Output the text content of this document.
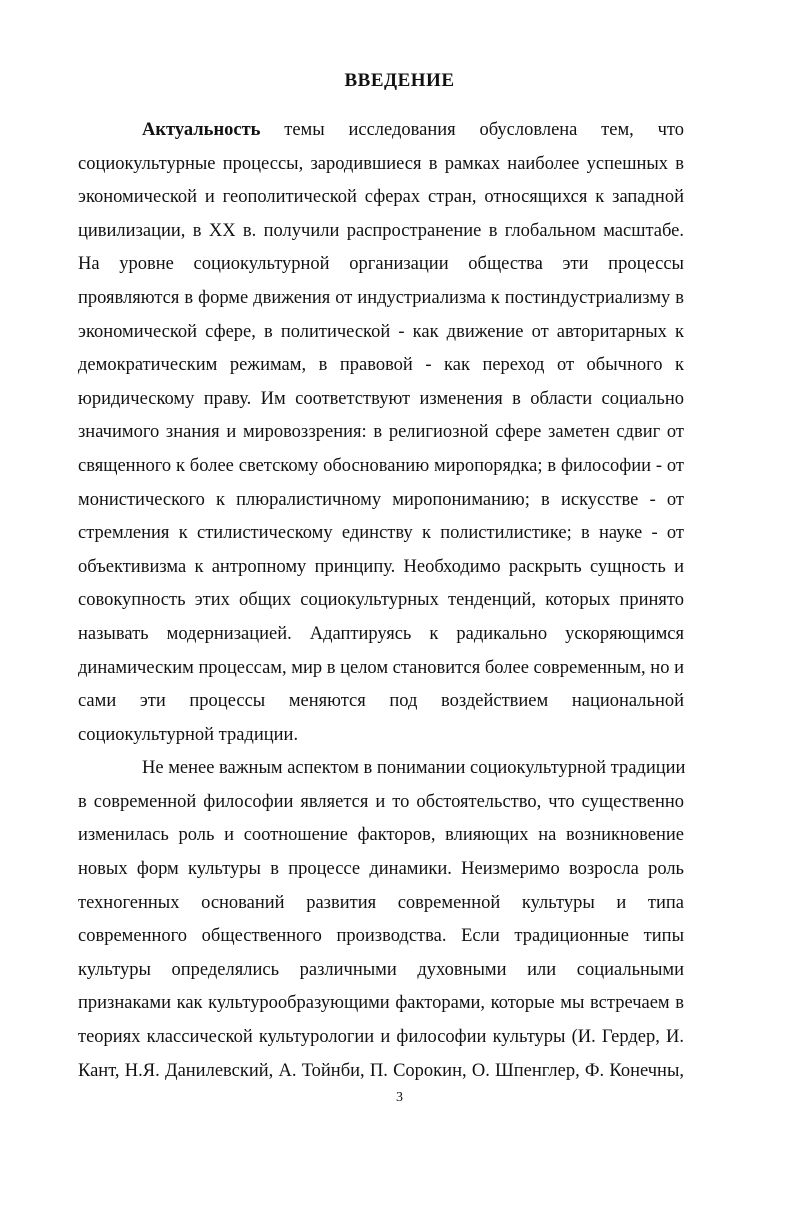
ВВЕДЕНИЕ
Актуальность темы исследования обусловлена тем, что
социокультурные процессы, зародившиеся в рамках наиболее успешных в
экономической и геополитической сферах стран, относящихся к западной
цивилизации, в XX в. получили распространение в глобальном масштабе.
На уровне социокультурной организации общества эти процессы
проявляются в форме движения от индустриализма к постиндустриализму в
экономической сфере, в политической - как движение от авторитарных к
демократическим режимам, в правовой - как переход от обычного к
юридическому праву. Им соответствуют изменения в области социально
значимого знания и мировоззрения: в религиозной сфере заметен сдвиг от
священного к более светскому обоснованию миропорядка; в философии - от
монистического к плюралистичному миропониманию; в искусстве - от
стремления к стилистическому единству к полистилистике; в науке - от
объективизма к антропному принципу. Необходимо раскрыть сущность и
совокупность этих общих социокультурных тенденций, которых принято
называть модернизацией. Адаптируясь к радикально ускоряющимся
динамическим процессам, мир в целом становится более современным, но и
сами эти процессы меняются под воздействием национальной
социокультурной традиции.
Не менее важным аспектом в понимании социокультурной традиции
в современной философии является и то обстоятельство, что существенно
изменилась роль и соотношение факторов, влияющих на возникновение
новых форм культуры в процессе динамики. Неизмеримо возросла роль
техногенных оснований развития современной культуры и типа
современного общественного производства. Если традиционные типы
культуры определялись различными духовными или социальными
признаками как культурообразующими факторами, которые мы встречаем в
теориях классической культурологии и философии культуры (И. Гердер, И.
Кант, Н.Я. Данилевский, А. Тойнби, П. Сорокин, О. Шпенглер, Ф. Конечны,
3
